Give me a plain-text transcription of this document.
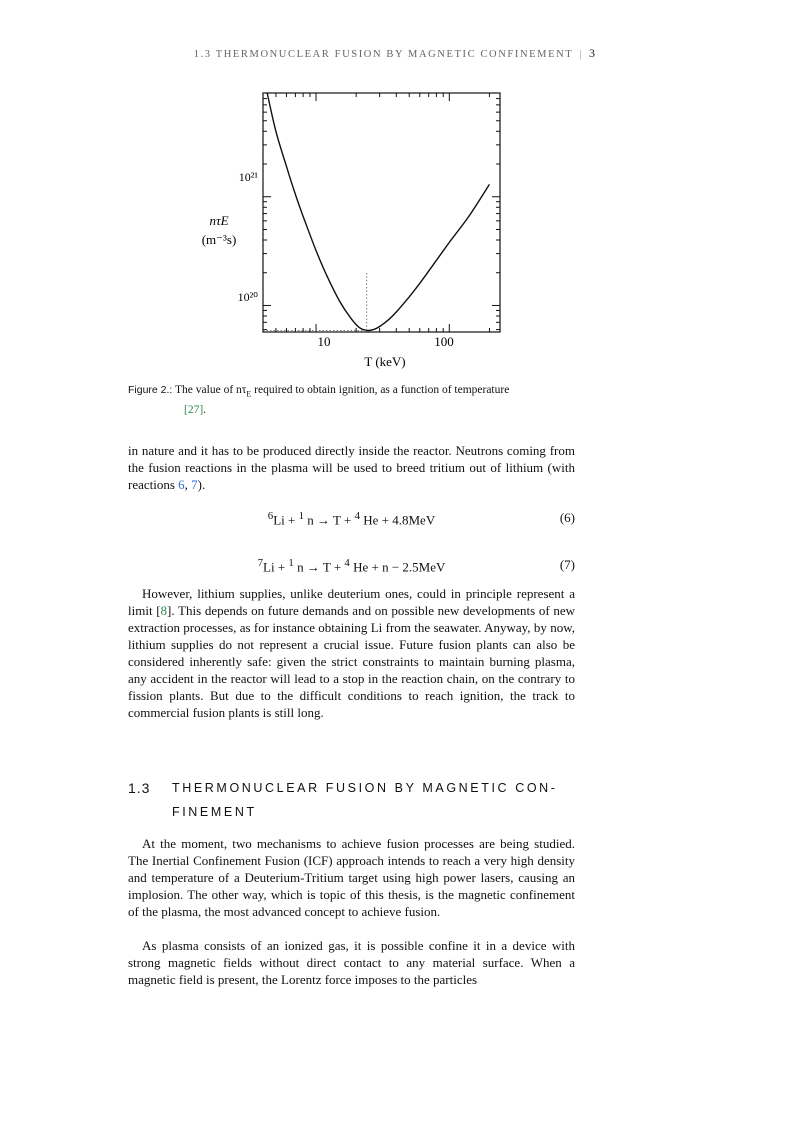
1.3 THERMONUCLEAR FUSION BY MAGNETIC CONFINEMENT | 3
10	100
10²¹
10²⁰
nτE
(m⁻³s)
T (keV)
Figure 2.: The value of $n\tau_E$ required to obtain ignition, as a function of temperature
[27].

in nature and it has to be produced directly inside the reactor. Neutrons coming from the fusion reactions in the plasma will be used to breed tritium out of lithium (with reactions 6, 7).

$^6$Li + $^1$ n → T + $^4$ He + 4.8MeV	(6)
$^7$Li + $^1$ n → T + $^4$ He + n − 2.5MeV	(7)

However, lithium supplies, unlike deuterium ones, could in principle represent a limit [8]. This depends on future demands and on possible new developments of new extraction processes, as for instance obtaining Li from the seawater. Anyway, by now, lithium supplies do not represent a crucial issue. Future fusion plants can also be considered inherently safe: given the strict constraints to maintain burning plasma, any accident in the reactor will lead to a stop in the reaction chain, on the contrary to fission plants. But due to the difficult conditions to reach ignition, the track to commercial fusion plants is still long.

1.3 THERMONUCLEAR FUSION BY MAGNETIC CON-
FINEMENT

At the moment, two mechanisms to achieve fusion processes are being studied. The Inertial Confinement Fusion (ICF) approach intends to reach a very high density and temperature of a Deuterium-Tritium target using high power lasers, causing an implosion. The other way, which is topic of this thesis, is the magnetic confinement of the plasma, the most advanced concept to achieve fusion.

As plasma consists of an ionized gas, it is possible confine it in a device with strong magnetic fields without direct contact to any material surface. When a magnetic field is present, the Lorentz force imposes to the particles
